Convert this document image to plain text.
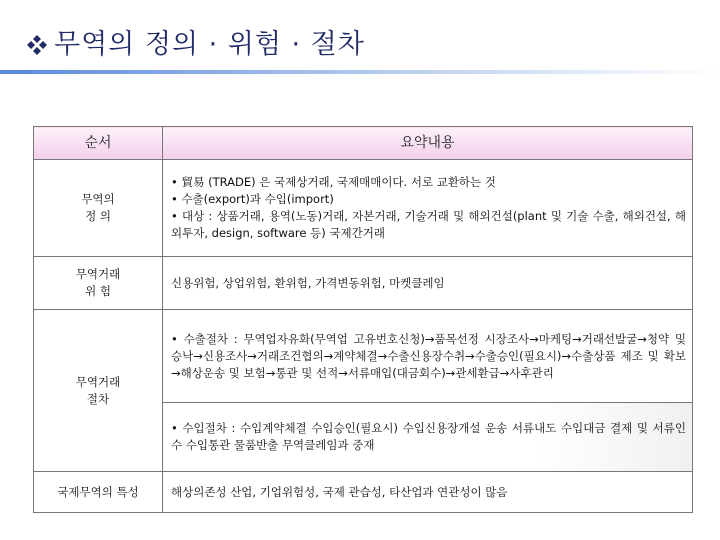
무역의 정의 · 위험 · 절차
순서	요약내용

무역의
정 의	• 貿易 (TRADE) 은 국제상거래, 국제매매이다. 서로 교환하는 것
• 수출(export)과 수입(import)
• 대상 : 상품거래, 용역(노동)거래, 자본거래, 기술거래 및 해외건설(plant 및 기술 수출, 해외건설, 해외투자, design, software 등) 국제간거래

무역거래
위 험	신용위험, 상업위험, 환위험, 가격변동위험, 마켓클레임

무역거래
절차	• 수출절차 : 무역업자유화(무역업 고유번호신청)→품목선정 시장조사→마케팅→거래선발굴→청약 및 승낙→신용조사→거래조건협의→계약체결→수출신용장수취→수출승인(필요시)→수출상품 제조 및 확보→해상운송 및 보험→통관 및 선적→서류매입(대금회수)→관세환급→사후관리

	• 수입절차 : 수입계약체결 수입승인(필요시) 수입신용장개설 운송 서류내도 수입대금 결제 및 서류인수 수입통관 물품반출 무역클레임과 중재

국제무역의 특성	해상의존성 산업, 기업위험성, 국제 관습성, 타산업과 연관성이 많음
